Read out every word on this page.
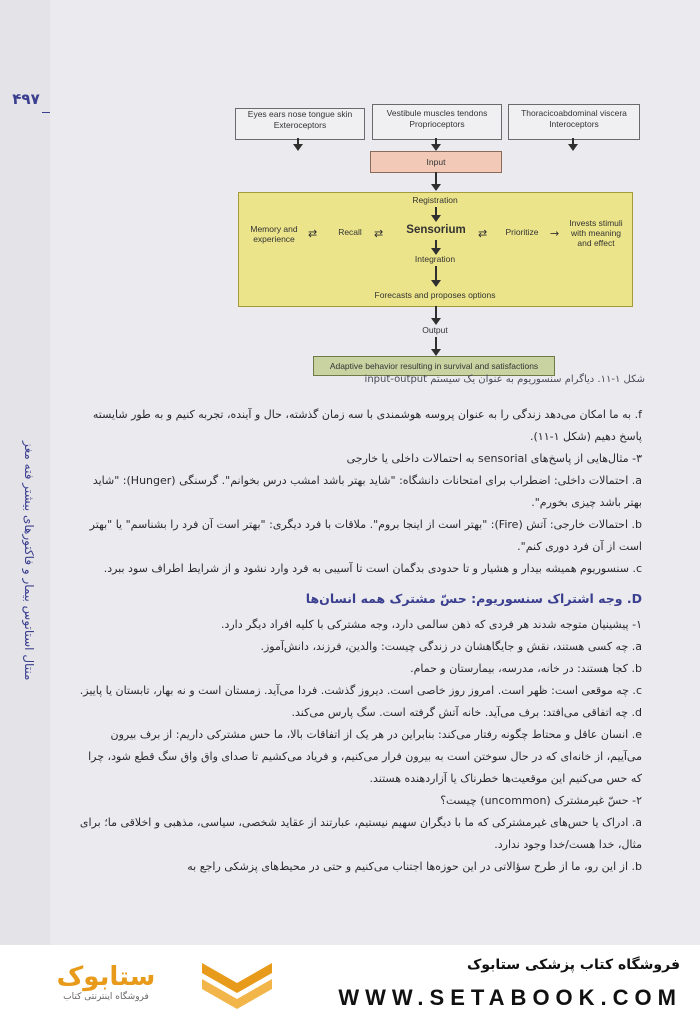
۴۹۷
منتال استاتوس بیمار و فاکتورهای بیشتر فته مغز
Eyes ears nose tongue skin
Exteroceptors
Vestibule muscles tendons
Proprioceptors
Thoracicoabdominal viscera
Interoceptors
Input
Registration
Memory and experience	⇄	Recall	⇄	Sensorium	⇄	Prioritize	→
Invests stimuli with meaning and effect
Integration
Forecasts and proposes options
Output
Adaptive behavior resulting in survival and satisfactions
شکل ۱-۱۱. دیاگرام سنسوریوم به عنوان یک سیستم input-output

f. به ما امکان می‌دهد زندگی را به عنوان پروسه هوشمندی با سه زمان گذشته، حال و آینده، تجربه کنیم و به طور شایسته پاسخ دهیم (شکل ۱-۱۱).

۳- مثال‌هایی از پاسخ‌های sensorial به احتمالات داخلی یا خارجی

a. احتمالات داخلی: اضطراب برای امتحانات دانشگاه: "شاید بهتر باشد امشب درس بخوانم". گرسنگی (Hunger): "شاید بهتر باشد چیزی بخورم".

b. احتمالات خارجی: آتش (Fire): "بهتر است از اینجا بروم". ملاقات با فرد دیگری: "بهتر است آن فرد را بشناسم" یا "بهتر است از آن فرد دوری کنم".

c. سنسوریوم همیشه بیدار و هشیار و تا حدودی بدگمان است تا آسیبی به فرد وارد نشود و از شرایط اطراف سود ببرد.

D. وجه اشتراک سنسوریوم: حسّ مشترک همه انسان‌ها

۱- پیشینیان متوجه شدند هر فردی که ذهن سالمی دارد، وجه مشترکی با کلیه افراد دیگر دارد.

a. چه کسی هستند، نقش و جایگاهشان در زندگی چیست: والدین، فرزند، دانش‌آموز.

b. کجا هستند: در خانه، مدرسه، بیمارستان و حمام.

c. چه موقعی است: ظهر است. امروز روز خاصی است. دیروز گذشت. فردا می‌آید. زمستان است و نه بهار، تابستان یا پاییز.

d. چه اتفاقی می‌افتد: برف می‌آید. خانه آتش گرفته است. سگ پارس می‌کند.

e. انسان عاقل و محتاط چگونه رفتار می‌کند: بنابراین در هر یک از اتفاقات بالا، ما حس مشترکی داریم: از برف بیرون می‌آییم، از خانه‌ای که در حال سوختن است به بیرون فرار می‌کنیم، و فریاد می‌کشیم تا صدای واق واق سگ قطع شود، چرا که حس می‌کنیم این موقعیت‌ها خطرناک یا آزاردهنده هستند.

۲- حسّ غیرمشترک (uncommon) چیست؟

a. ادراک یا حس‌های غیرمشترکی که ما با دیگران سهیم نیستیم، عبارتند از عقاید شخصی، سیاسی، مذهبی و اخلاقی ما؛ برای مثال، خدا هست/خدا وجود ندارد.

b. از این رو، ما از طرح سؤالاتی در این حوزه‌ها اجتناب می‌کنیم و حتی در محیط‌های پزشکی راجع به

فروشگاه کتاب پزشکی ستابوک
WWW.SETABOOK.COM
ستابوک
فروشگاه اینترنتی کتاب
